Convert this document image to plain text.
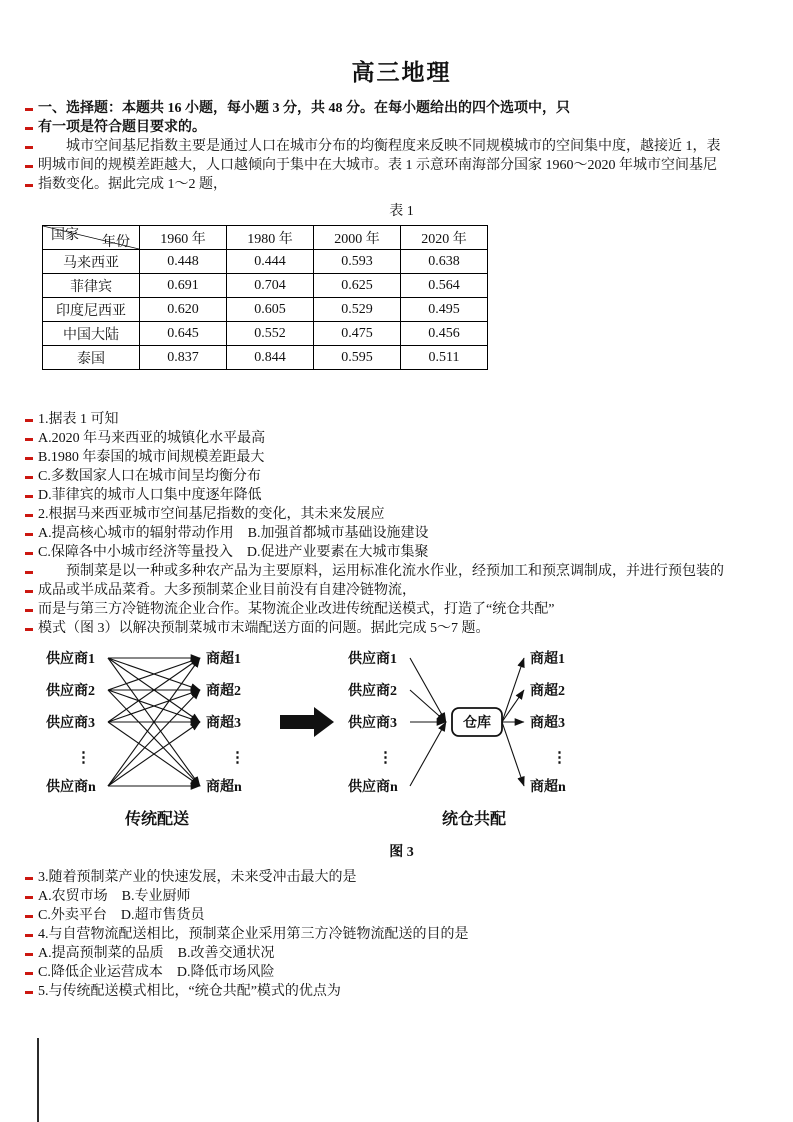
高三地理
一、选择题：本题共 16 小题，每小题 3 分，共 48 分。在每小题给出的四个选项中，只
有一项是符合题目要求的。
城市空间基尼指数主要是通过人口在城市分布的均衡程度来反映不同规模城市的空间集中度，越接近 1，表
明城市间的规模差距越大，人口越倾向于集中在大城市。表 1 示意环南海部分国家 1960～2020 年城市空间基尼
指数变化。据此完成 1～2 题，
表 1
年份
国家	1960 年	1980 年	2000 年	2020 年
马来西亚	0.448	0.444	0.593	0.638
菲律宾	0.691	0.704	0.625	0.564
印度尼西亚	0.620	0.605	0.529	0.495
中国大陆	0.645	0.552	0.475	0.456
泰国	0.837	0.844	0.595	0.511
1.据表 1 可知
A.2020 年马来西亚的城镇化水平最高
B.1980 年泰国的城市间规模差距最大
C.多数国家人口在城市间呈均衡分布
D.菲律宾的城市人口集中度逐年降低
2.根据马来西亚城市空间基尼指数的变化，其未来发展应
A.提高核心城市的辐射带动作用　B.加强首都城市基础设施建设
C.保障各中小城市经济等量投入　D.促进产业要素在大城市集聚
预制菜是以一种或多种农产品为主要原料，运用标准化流水作业，经预加工和预烹调制成，并进行预包装的
成品或半成品菜肴。大多预制菜企业目前没有自建冷链物流，
而是与第三方冷链物流企业合作。某物流企业改进传统配送模式，打造了“统仓共配”
模式（图 3）以解决预制菜城市末端配送方面的问题。据此完成 5～7 题。
供应商1
供应商2
供应商3
供应商n
商超1
商超2
商超3
商超n
⋮	⋮
传统配送
供应商1
供应商2
供应商3
供应商n
商超1
商超2
商超3
商超n
⋮	⋮
仓库
统仓共配
图 3
3.随着预制菜产业的快速发展，未来受冲击最大的是
A.农贸市场　B.专业厨师
C.外卖平台　D.超市售货员
4.与自营物流配送相比，预制菜企业采用第三方冷链物流配送的目的是
A.提高预制菜的品质　B.改善交通状况
C.降低企业运营成本　D.降低市场风险
5.与传统配送模式相比，“统仓共配”模式的优点为
